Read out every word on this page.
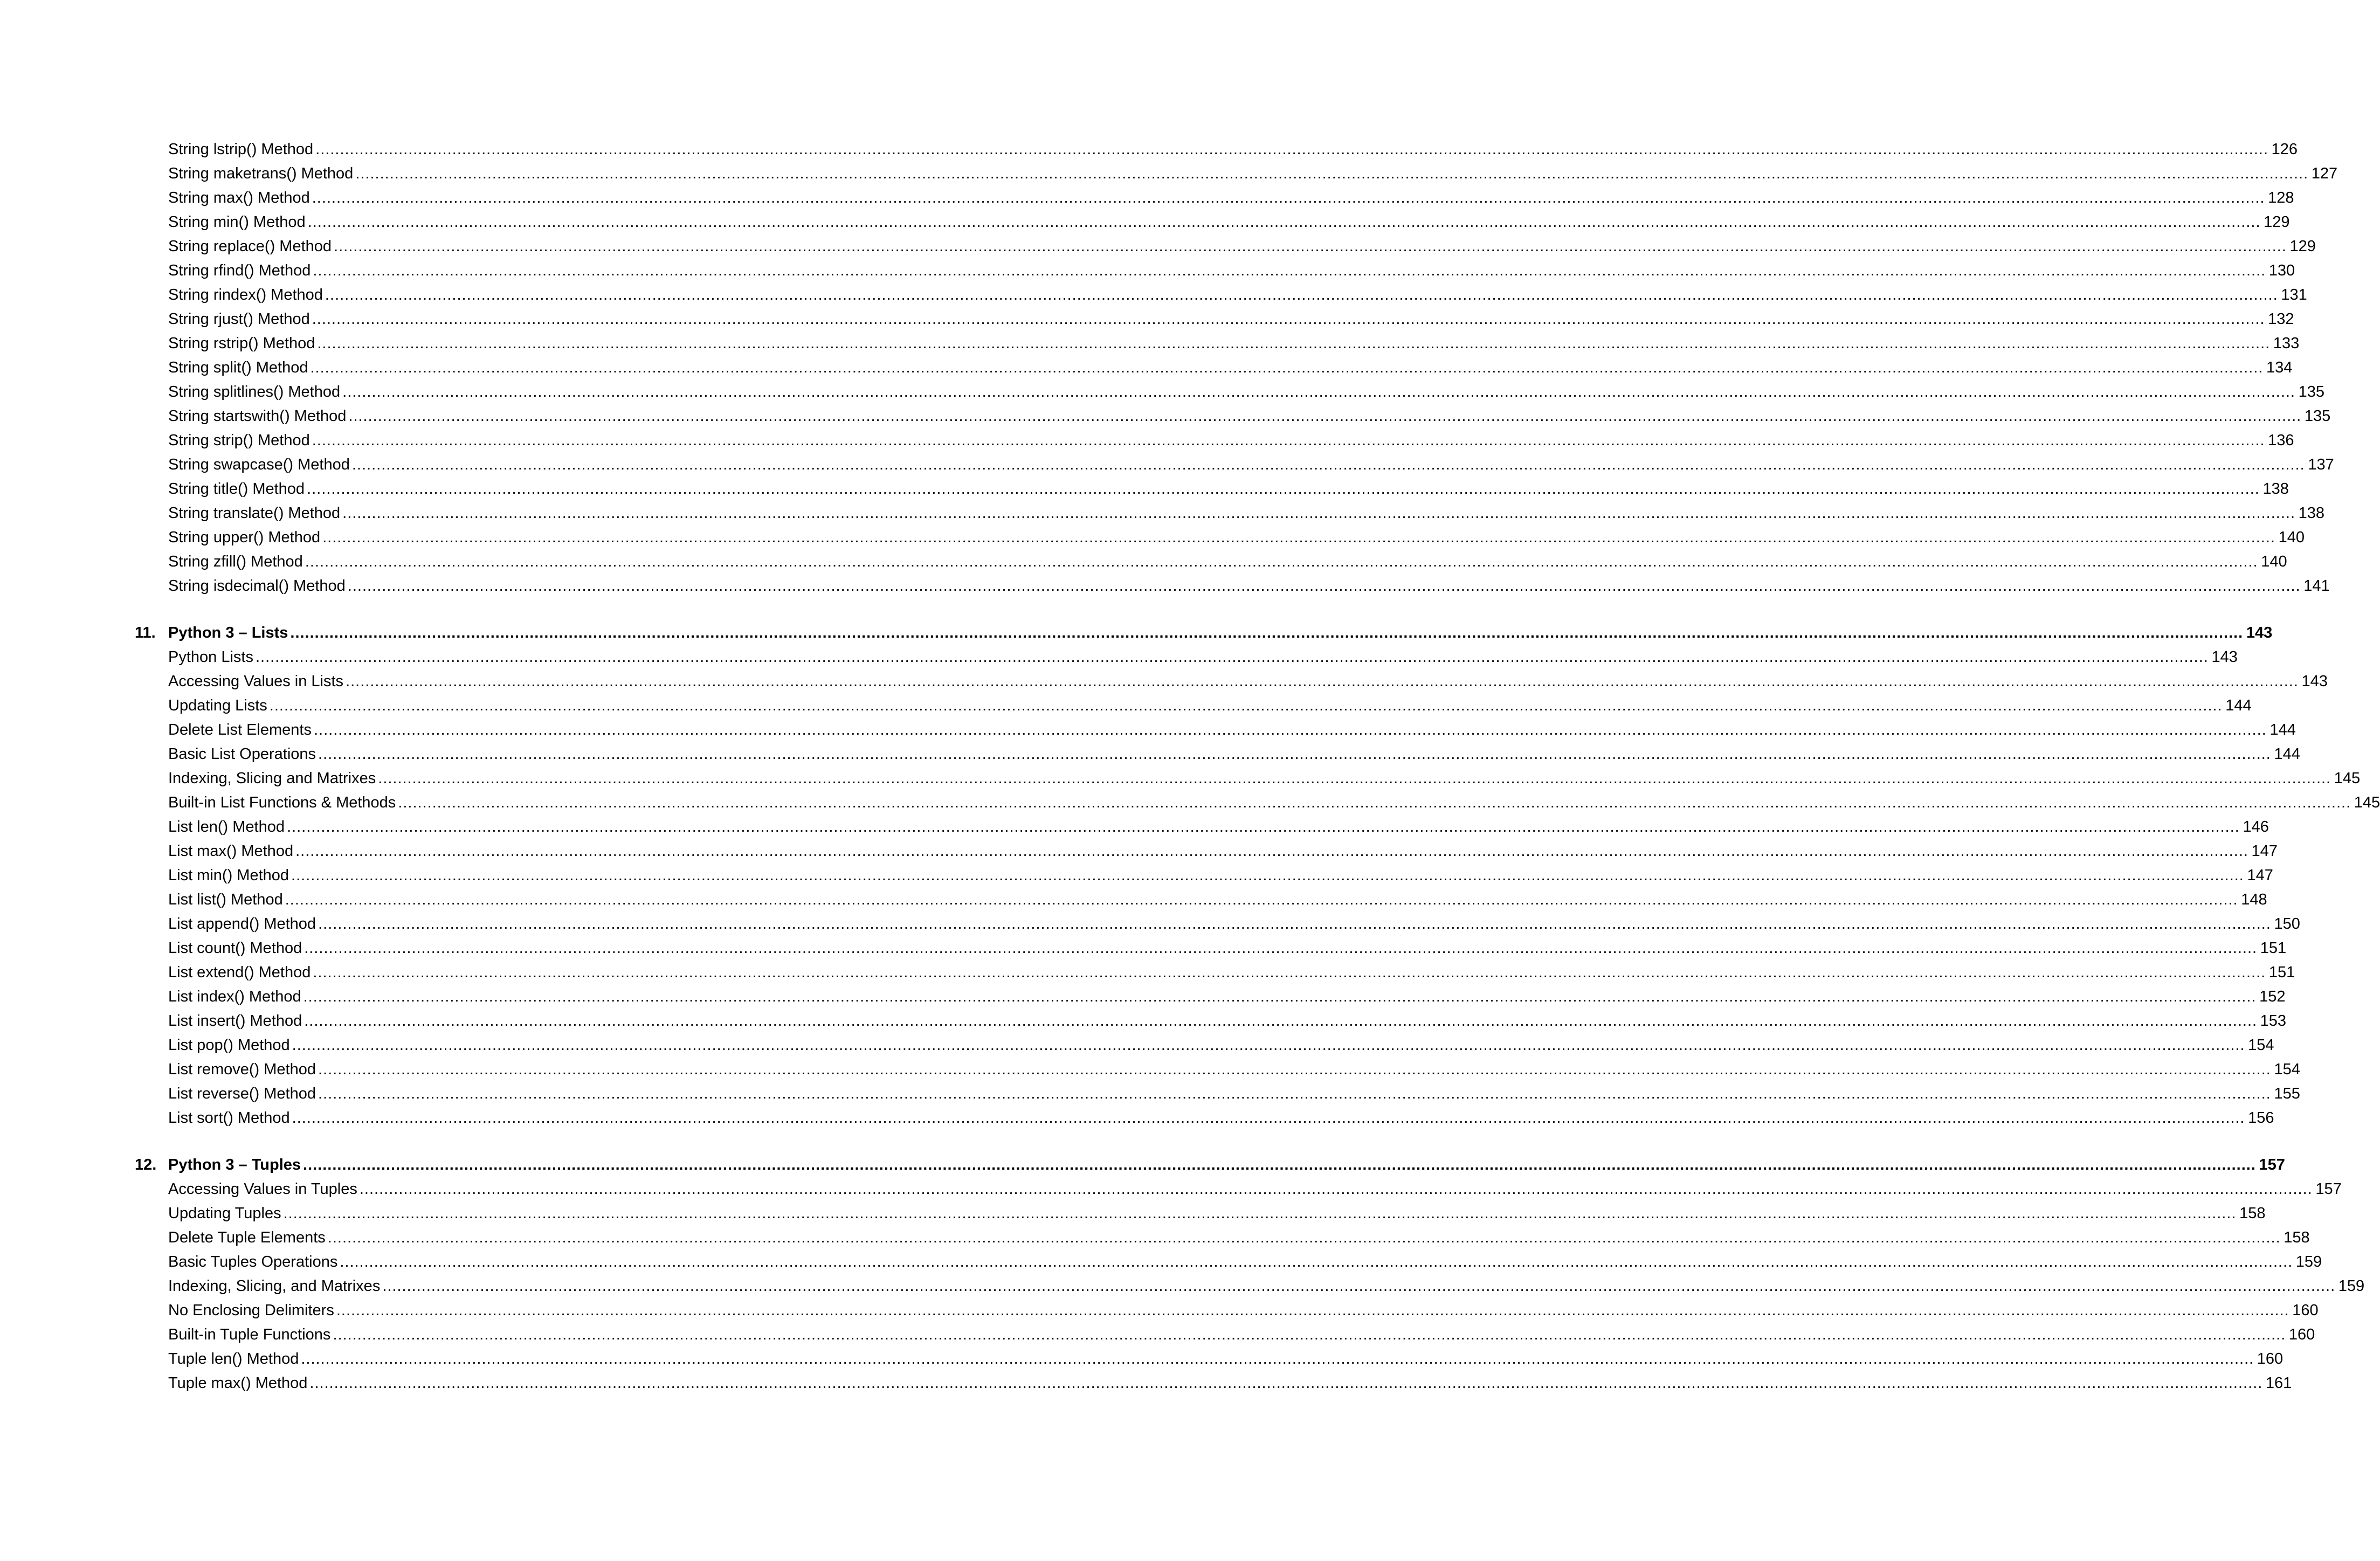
String lstrip() Method ................................................................................................................................................................................................................................................................................................................................................................................................................ 126
String maketrans() Method ................................................................................................................................................................................................................................................................................................................................................................................................................ 127
String max() Method ................................................................................................................................................................................................................................................................................................................................................................................................................ 128
String min() Method ................................................................................................................................................................................................................................................................................................................................................................................................................ 129
String replace() Method ................................................................................................................................................................................................................................................................................................................................................................................................................ 129
String rfind() Method ................................................................................................................................................................................................................................................................................................................................................................................................................ 130
String rindex() Method ................................................................................................................................................................................................................................................................................................................................................................................................................ 131
String rjust() Method ................................................................................................................................................................................................................................................................................................................................................................................................................ 132
String rstrip() Method ................................................................................................................................................................................................................................................................................................................................................................................................................ 133
String split() Method ................................................................................................................................................................................................................................................................................................................................................................................................................ 134
String splitlines() Method ................................................................................................................................................................................................................................................................................................................................................................................................................ 135
String startswith() Method ................................................................................................................................................................................................................................................................................................................................................................................................................ 135
String strip() Method ................................................................................................................................................................................................................................................................................................................................................................................................................ 136
String swapcase() Method ................................................................................................................................................................................................................................................................................................................................................................................................................ 137
String title() Method ................................................................................................................................................................................................................................................................................................................................................................................................................ 138
String translate() Method ................................................................................................................................................................................................................................................................................................................................................................................................................ 138
String upper() Method ................................................................................................................................................................................................................................................................................................................................................................................................................ 140
String zfill() Method ................................................................................................................................................................................................................................................................................................................................................................................................................ 140
String isdecimal() Method ................................................................................................................................................................................................................................................................................................................................................................................................................ 141
11. Python 3 – Lists ................................................................................................................................................................................................................................................................................................................................................................................................................ 143
Python Lists ................................................................................................................................................................................................................................................................................................................................................................................................................ 143
Accessing Values in Lists ................................................................................................................................................................................................................................................................................................................................................................................................................ 143
Updating Lists ................................................................................................................................................................................................................................................................................................................................................................................................................ 144
Delete List Elements ................................................................................................................................................................................................................................................................................................................................................................................................................ 144
Basic List Operations ................................................................................................................................................................................................................................................................................................................................................................................................................ 144
Indexing, Slicing and Matrixes ................................................................................................................................................................................................................................................................................................................................................................................................................ 145
Built-in List Functions & Methods ................................................................................................................................................................................................................................................................................................................................................................................................................ 145
List len() Method ................................................................................................................................................................................................................................................................................................................................................................................................................ 146
List max() Method ................................................................................................................................................................................................................................................................................................................................................................................................................ 147
List min() Method ................................................................................................................................................................................................................................................................................................................................................................................................................ 147
List list() Method ................................................................................................................................................................................................................................................................................................................................................................................................................ 148
List append() Method ................................................................................................................................................................................................................................................................................................................................................................................................................ 150
List count() Method ................................................................................................................................................................................................................................................................................................................................................................................................................ 151
List extend() Method ................................................................................................................................................................................................................................................................................................................................................................................................................ 151
List index() Method ................................................................................................................................................................................................................................................................................................................................................................................................................ 152
List insert() Method ................................................................................................................................................................................................................................................................................................................................................................................................................ 153
List pop() Method ................................................................................................................................................................................................................................................................................................................................................................................................................ 154
List remove() Method ................................................................................................................................................................................................................................................................................................................................................................................................................ 154
List reverse() Method ................................................................................................................................................................................................................................................................................................................................................................................................................ 155
List sort() Method ................................................................................................................................................................................................................................................................................................................................................................................................................ 156
12. Python 3 – Tuples ................................................................................................................................................................................................................................................................................................................................................................................................................ 157
Accessing Values in Tuples ................................................................................................................................................................................................................................................................................................................................................................................................................ 157
Updating Tuples ................................................................................................................................................................................................................................................................................................................................................................................................................ 158
Delete Tuple Elements ................................................................................................................................................................................................................................................................................................................................................................................................................ 158
Basic Tuples Operations ................................................................................................................................................................................................................................................................................................................................................................................................................ 159
Indexing, Slicing, and Matrixes ................................................................................................................................................................................................................................................................................................................................................................................................................ 159
No Enclosing Delimiters ................................................................................................................................................................................................................................................................................................................................................................................................................ 160
Built-in Tuple Functions ................................................................................................................................................................................................................................................................................................................................................................................................................ 160
Tuple len() Method ................................................................................................................................................................................................................................................................................................................................................................................................................ 160
Tuple max() Method ................................................................................................................................................................................................................................................................................................................................................................................................................ 161
